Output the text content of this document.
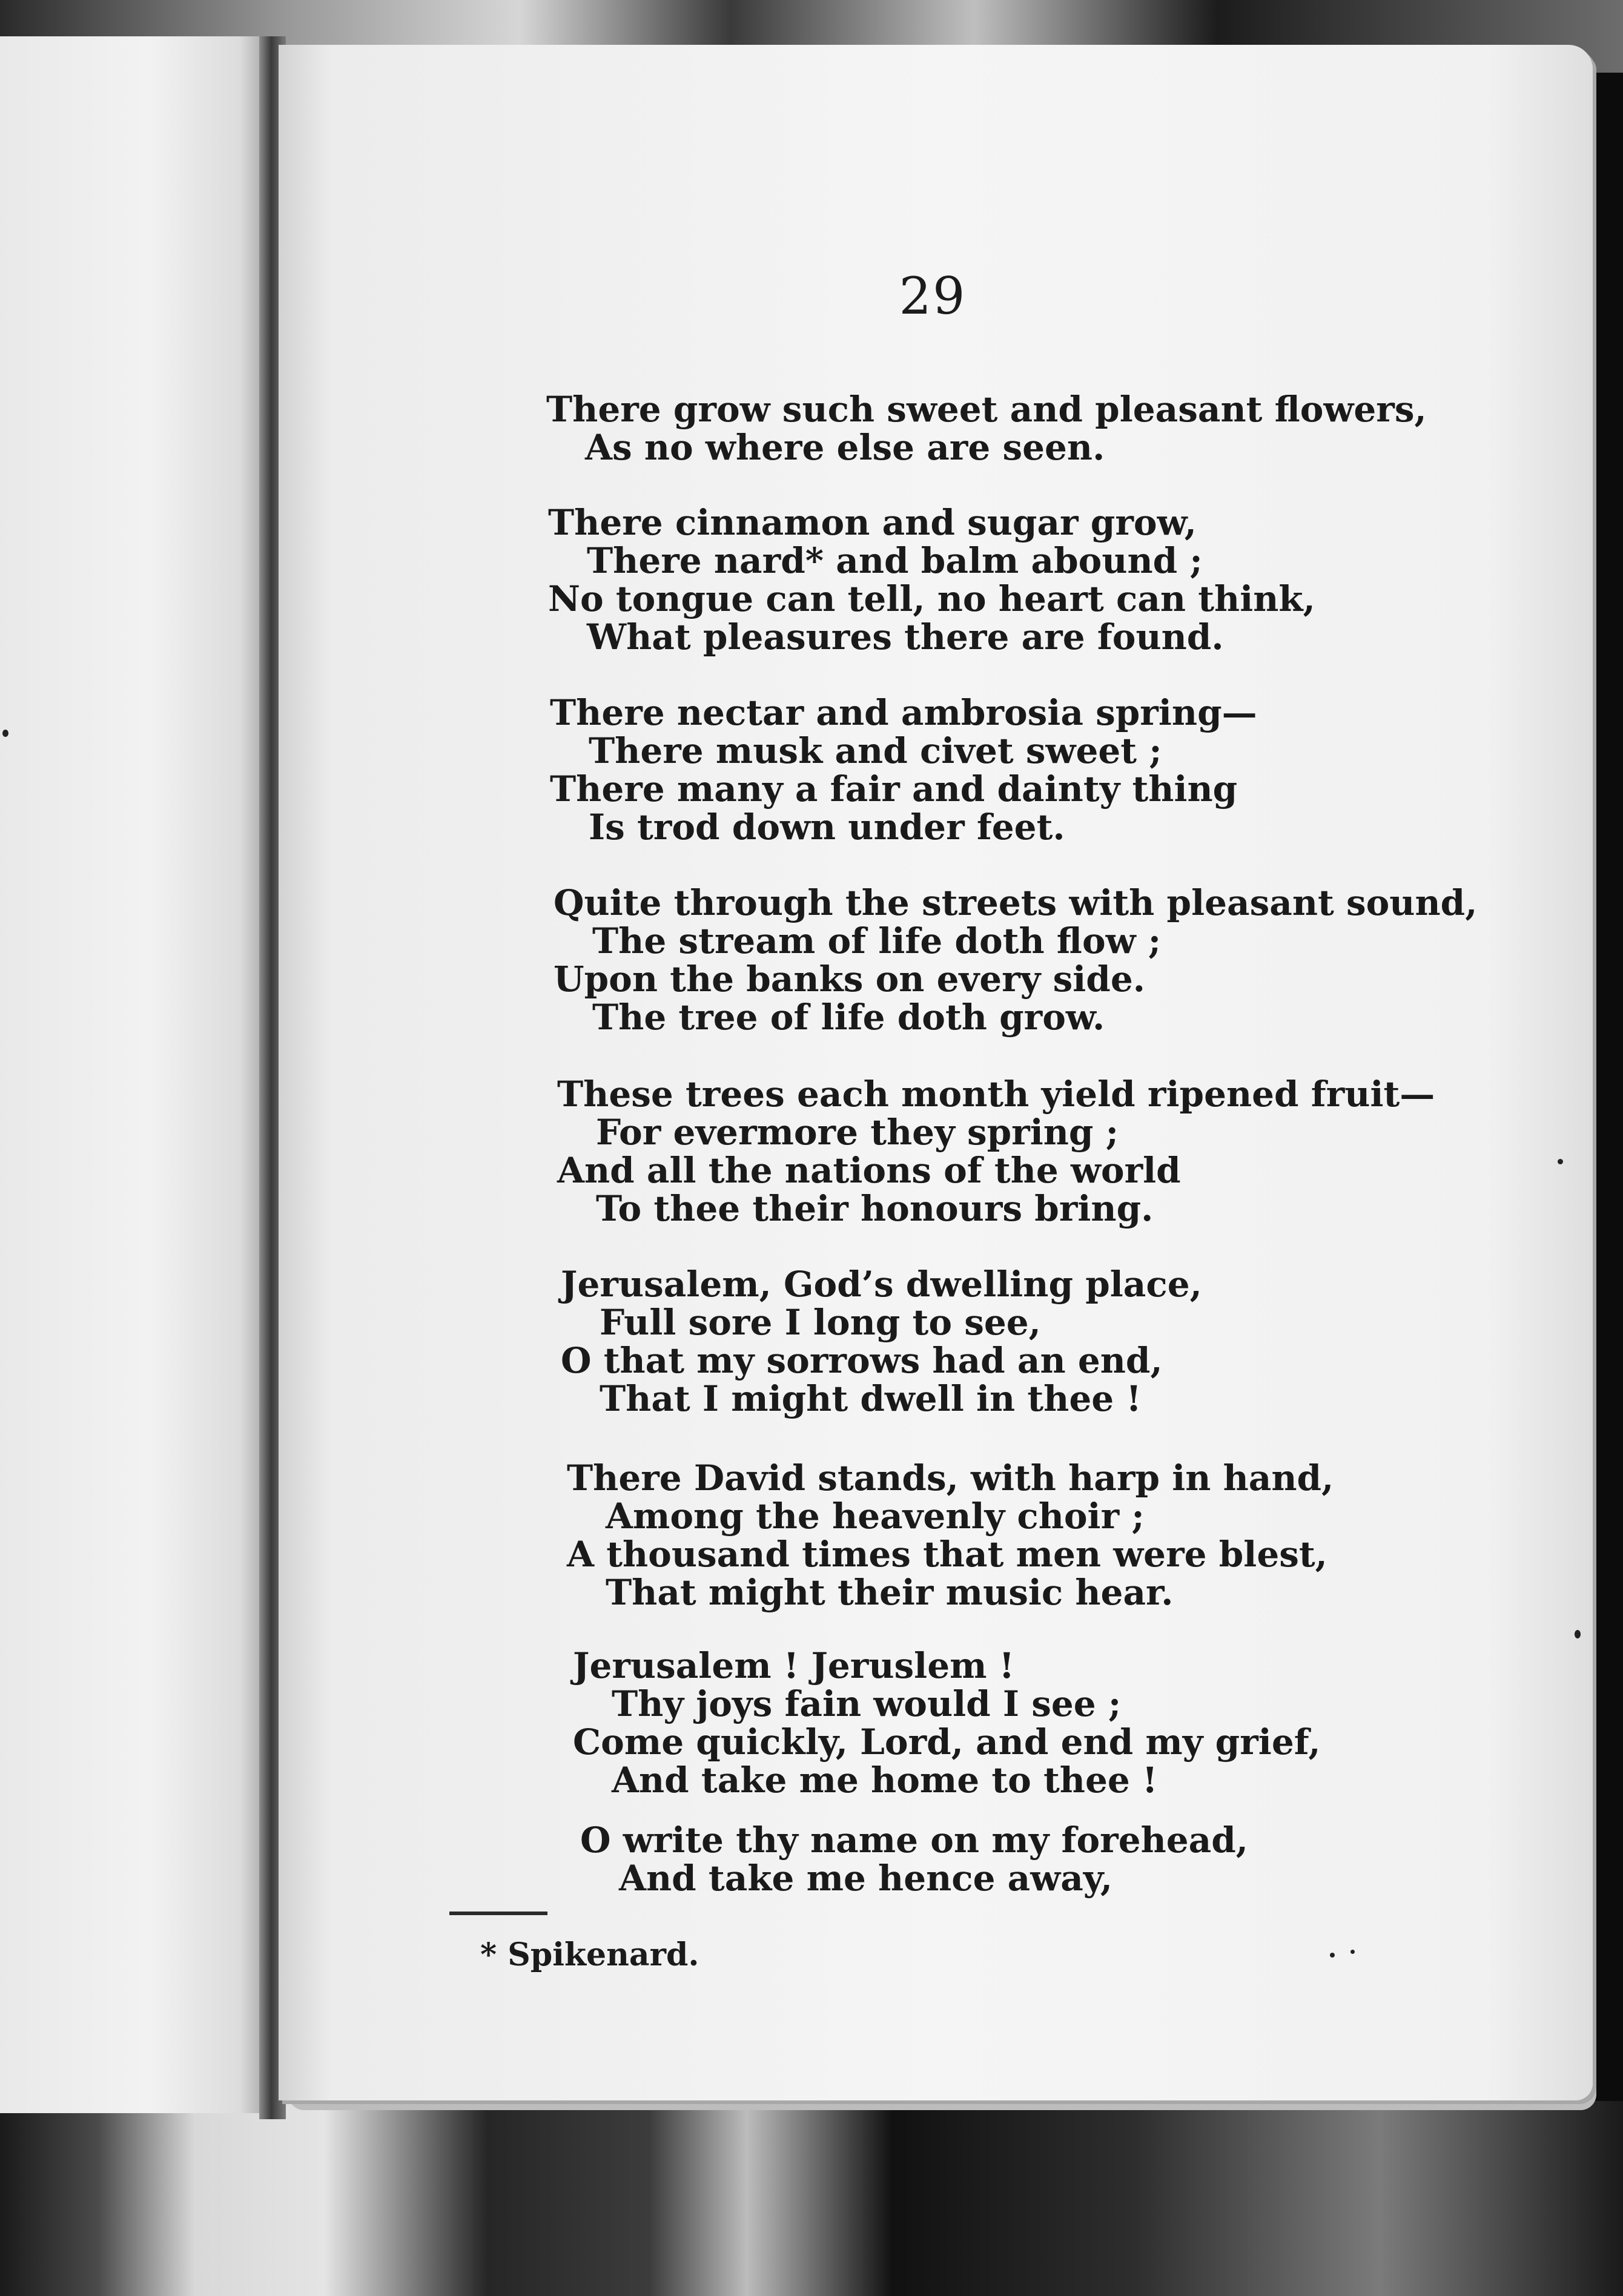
29
There grow such sweet and pleasant flowers,
As no where else are seen.
There cinnamon and sugar grow,
There nard* and balm abound ;
No tongue can tell, no heart can think,
What pleasures there are found.
There nectar and ambrosia spring—
There musk and civet sweet ;
There many a fair and dainty thing
Is trod down under feet.
Quite through the streets with pleasant sound,
The stream of life doth flow ;
Upon the banks on every side.
The tree of life doth grow.
These trees each month yield ripened fruit—
For evermore they spring ;
And all the nations of the world
To thee their honours bring.
Jerusalem, God’s dwelling place,
Full sore I long to see,
O that my sorrows had an end,
That I might dwell in thee !
There David stands, with harp in hand,
Among the heavenly choir ;
A thousand times that men were blest,
That might their music hear.
Jerusalem ! Jeruslem !
Thy joys fain would I see ;
Come quickly, Lord, and end my grief,
And take me home to thee !
O write thy name on my forehead,
And take me hence away,
* Spikenard.
